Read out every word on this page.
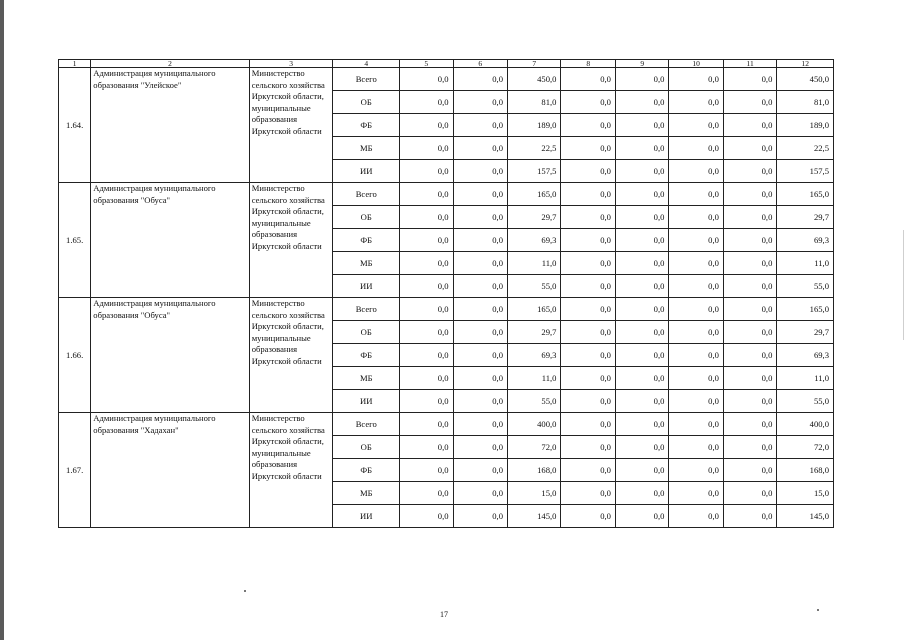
1	2	3	4	5	6	7	8	9	10	11	12
1.64.	Администрация муниципального образования "Улейское"	Министерство сельского хозяйства Иркутской области, муниципальные образования Иркутской области	Всего	0,0	0,0	450,0	0,0	0,0	0,0	0,0	450,0
			ОБ	0,0	0,0	81,0	0,0	0,0	0,0	0,0	81,0
			ФБ	0,0	0,0	189,0	0,0	0,0	0,0	0,0	189,0
			МБ	0,0	0,0	22,5	0,0	0,0	0,0	0,0	22,5
			ИИ	0,0	0,0	157,5	0,0	0,0	0,0	0,0	157,5
1.65.	Администрация муниципального образования "Обуса"	Министерство сельского хозяйства Иркутской области, муниципальные образования Иркутской области	Всего	0,0	0,0	165,0	0,0	0,0	0,0	0,0	165,0
			ОБ	0,0	0,0	29,7	0,0	0,0	0,0	0,0	29,7
			ФБ	0,0	0,0	69,3	0,0	0,0	0,0	0,0	69,3
			МБ	0,0	0,0	11,0	0,0	0,0	0,0	0,0	11,0
			ИИ	0,0	0,0	55,0	0,0	0,0	0,0	0,0	55,0
1.66.	Администрация муниципального образования "Обуса"	Министерство сельского хозяйства Иркутской области, муниципальные образования Иркутской области	Всего	0,0	0,0	165,0	0,0	0,0	0,0	0,0	165,0
			ОБ	0,0	0,0	29,7	0,0	0,0	0,0	0,0	29,7
			ФБ	0,0	0,0	69,3	0,0	0,0	0,0	0,0	69,3
			МБ	0,0	0,0	11,0	0,0	0,0	0,0	0,0	11,0
			ИИ	0,0	0,0	55,0	0,0	0,0	0,0	0,0	55,0
1.67.	Администрация муниципального образования "Хадахан"	Министерство сельского хозяйства Иркутской области, муниципальные образования Иркутской области	Всего	0,0	0,0	400,0	0,0	0,0	0,0	0,0	400,0
			ОБ	0,0	0,0	72,0	0,0	0,0	0,0	0,0	72,0
			ФБ	0,0	0,0	168,0	0,0	0,0	0,0	0,0	168,0
			МБ	0,0	0,0	15,0	0,0	0,0	0,0	0,0	15,0
			ИИ	0,0	0,0	145,0	0,0	0,0	0,0	0,0	145,0
17
